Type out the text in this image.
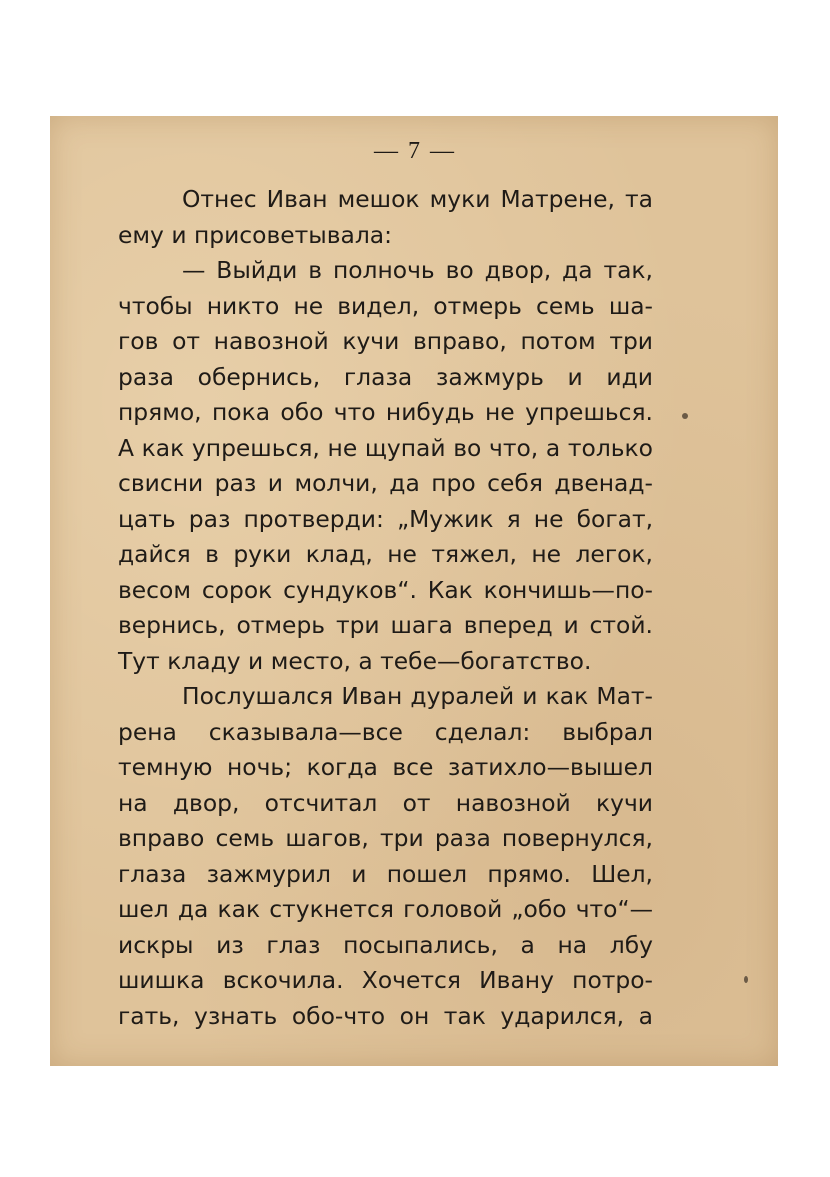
— 7 —
Отнес Иван мешок муки Матрене, та
ему и присоветывала:
— Выйди в полночь во двор, да так,
чтобы никто не видел, отмерь семь ша-
гов от навозной кучи вправо, потом три
раза обернись, глаза зажмурь и иди
прямо, пока обо что нибудь не упрешься.
А как упрешься, не щупай во что, а только
свисни раз и молчи, да про себя двенад-
цать раз протверди: „Мужик я не богат,
дайся в руки клад, не тяжел, не легок,
весом сорок сундуков“. Как кончишь—по-
вернись, отмерь три шага вперед и стой.
Тут кладу и место, а тебе—богатство.
Послушался Иван дуралей и как Мат-
рена сказывала—все сделал: выбрал
темную ночь; когда все затихло—вышел
на двор, отсчитал от навозной кучи
вправо семь шагов, три раза повернулся,
глаза зажмурил и пошел прямо. Шел,
шел да как стукнется головой „обо что“—
искры из глаз посыпались, а на лбу
шишка вскочила. Хочется Ивану потро-
гать, узнать обо-что он так ударился, а
